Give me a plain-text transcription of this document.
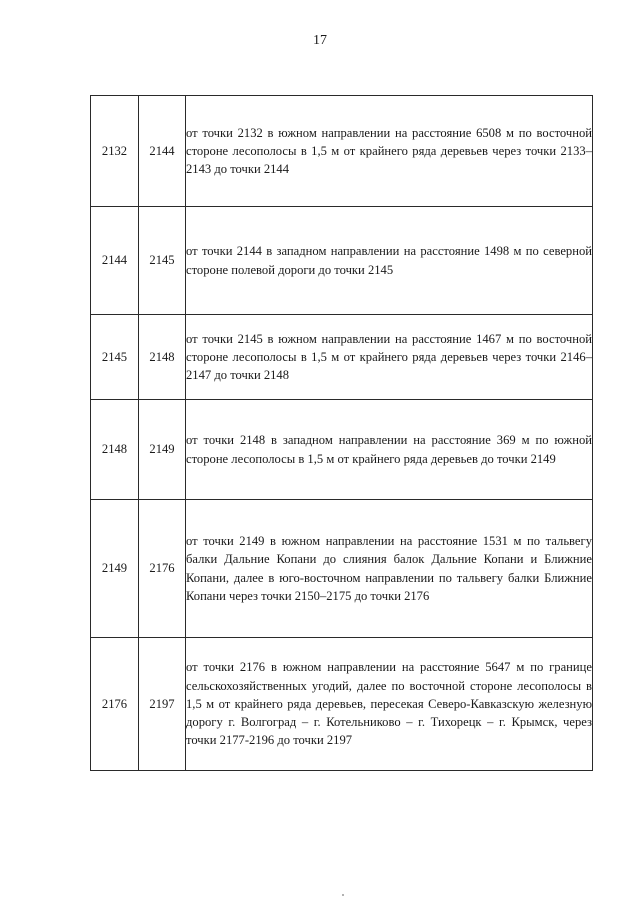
17
2132	2144	от точки 2132 в южном направлении на расстояние 6508 м по восточной стороне лесополосы в 1,5 м от крайнего ряда деревьев через точки 2133–2143 до точки 2144
2144	2145	от точки 2144 в западном направлении на расстояние 1498 м по северной стороне полевой дороги до точки 2145
2145	2148	от точки 2145 в южном направлении на расстояние 1467 м по восточной стороне лесополосы в 1,5 м от крайнего ряда деревьев через точки 2146–2147 до точки 2148
2148	2149	от точки 2148 в западном направлении на расстояние 369 м по южной стороне лесополосы в 1,5 м от крайнего ряда деревьев до точки 2149
2149	2176	от точки 2149 в южном направлении на расстояние 1531 м по тальвегу балки Дальние Копани до слияния балок Дальние Копани и Ближние Копани, далее в юго-восточном направлении по тальвегу балки Ближние Копани через точки 2150–2175 до точки 2176
2176	2197	от точки 2176 в южном направлении на расстояние 5647 м по границе сельскохозяйственных угодий, далее по восточной стороне лесополосы в 1,5 м от крайнего ряда деревьев, пересекая Северо-Кавказскую железную дорогу г. Волгоград – г. Котельниково – г. Тихорецк – г. Крымск, через точки 2177-2196 до точки 2197
